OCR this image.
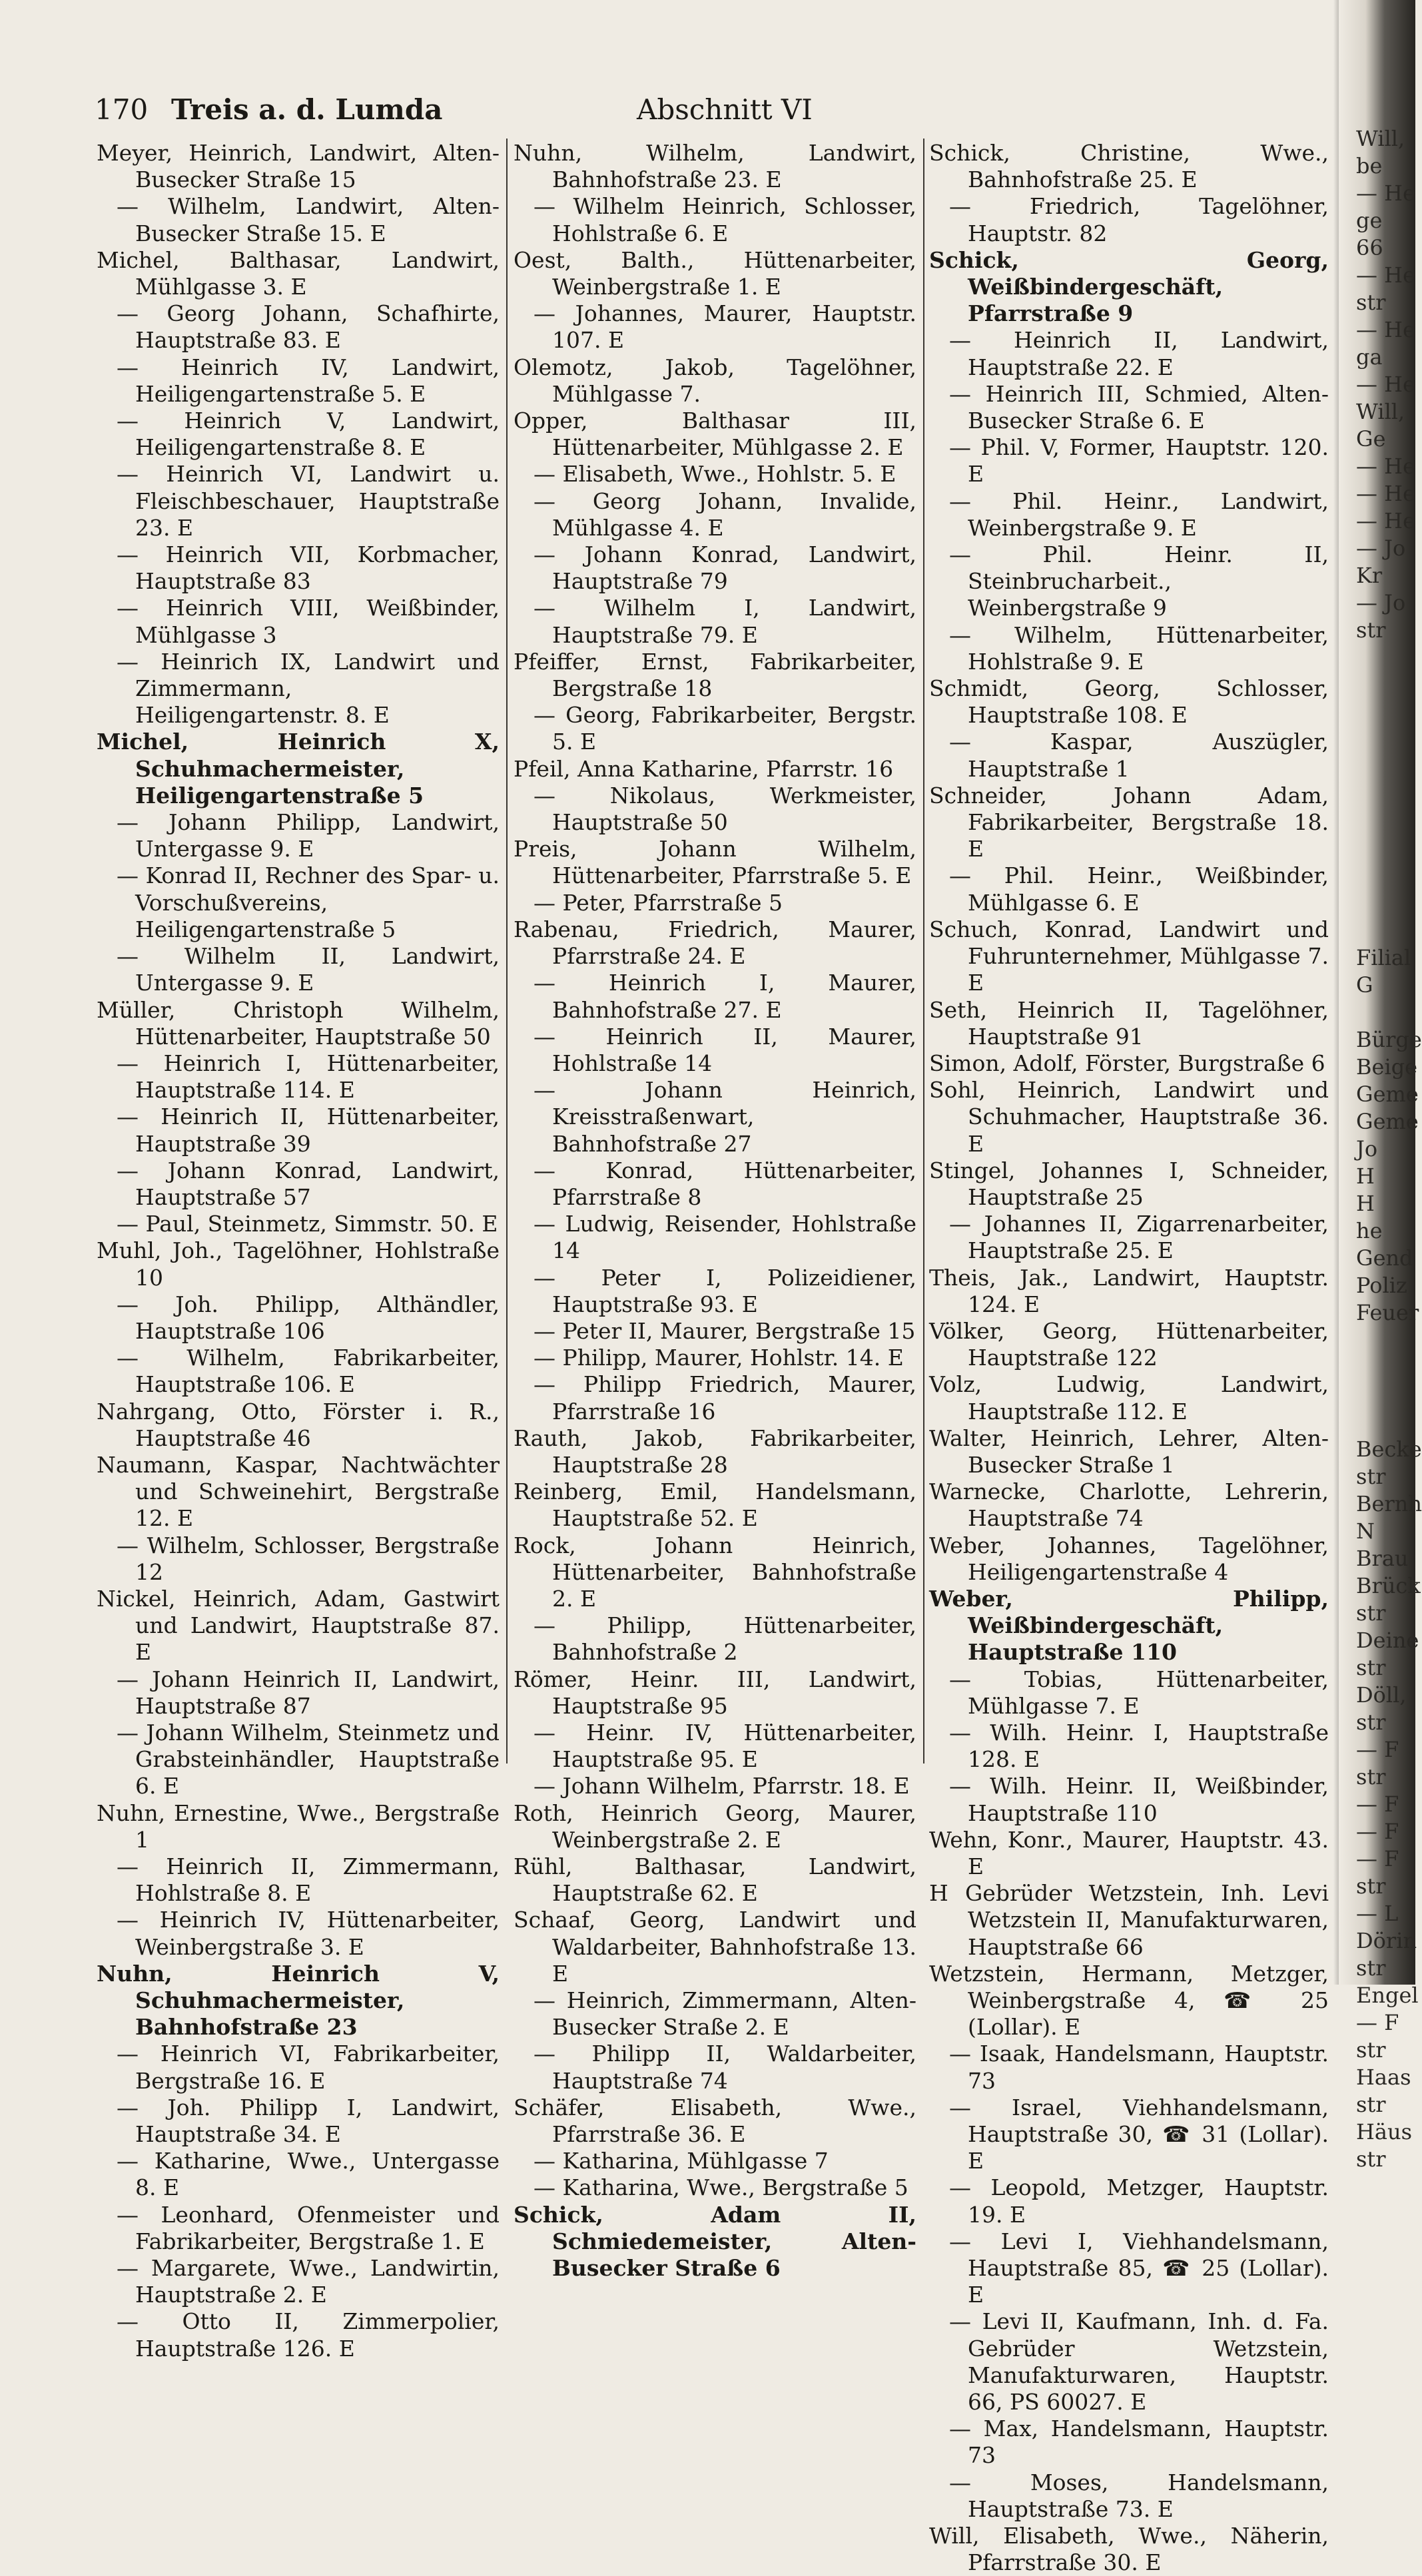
170 Treis a. d. Lumda	Abschnitt VI
Meyer, Heinrich, Landwirt, Alten-Busecker Straße 15
— Wilhelm, Landwirt, Alten-Busecker Straße 15. E
Michel, Balthasar, Landwirt, Mühlgasse 3. E
— Georg Johann, Schafhirte, Hauptstraße 83. E
— Heinrich IV, Landwirt, Heiligengartenstraße 5. E
— Heinrich V, Landwirt, Heiligengartenstraße 8. E
— Heinrich VI, Landwirt u. Fleischbeschauer, Hauptstraße 23. E
— Heinrich VII, Korbmacher, Hauptstraße 83
— Heinrich VIII, Weißbinder, Mühlgasse 3
— Heinrich IX, Landwirt und Zimmermann, Heiligengartenstr. 8. E
Michel, Heinrich X, Schuhmachermeister, Heiligengartenstraße 5
— Johann Philipp, Landwirt, Untergasse 9. E
— Konrad II, Rechner des Spar- u. Vorschußvereins, Heiligengartenstraße 5
— Wilhelm II, Landwirt, Untergasse 9. E
Müller, Christoph Wilhelm, Hüttenarbeiter, Hauptstraße 50
— Heinrich I, Hüttenarbeiter, Hauptstraße 114. E
— Heinrich II, Hüttenarbeiter, Hauptstraße 39
— Johann Konrad, Landwirt, Hauptstraße 57
— Paul, Steinmetz, Simmstr. 50. E
Muhl, Joh., Tagelöhner, Hohlstraße 10
— Joh. Philipp, Althändler, Hauptstraße 106
— Wilhelm, Fabrikarbeiter, Hauptstraße 106. E
Nahrgang, Otto, Förster i. R., Hauptstraße 46
Naumann, Kaspar, Nachtwächter und Schweinehirt, Bergstraße 12. E
— Wilhelm, Schlosser, Bergstraße 12
Nickel, Heinrich, Adam, Gastwirt und Landwirt, Hauptstraße 87. E
— Johann Heinrich II, Landwirt, Hauptstraße 87
— Johann Wilhelm, Steinmetz und Grabsteinhändler, Hauptstraße 6. E
Nuhn, Ernestine, Wwe., Bergstraße 1
— Heinrich II, Zimmermann, Hohlstraße 8. E
— Heinrich IV, Hüttenarbeiter, Weinbergstraße 3. E
Nuhn, Heinrich V, Schuhmachermeister, Bahnhofstraße 23
— Heinrich VI, Fabrikarbeiter, Bergstraße 16. E
— Joh. Philipp I, Landwirt, Hauptstraße 34. E
— Katharine, Wwe., Untergasse 8. E
— Leonhard, Ofenmeister und Fabrikarbeiter, Bergstraße 1. E
— Margarete, Wwe., Landwirtin, Hauptstraße 2. E
— Otto II, Zimmerpolier, Hauptstraße 126. E
Nuhn, Wilhelm, Landwirt, Bahnhofstraße 23. E
— Wilhelm Heinrich, Schlosser, Hohlstraße 6. E
Oest, Balth., Hüttenarbeiter, Weinbergstraße 1. E
— Johannes, Maurer, Hauptstr. 107. E
Olemotz, Jakob, Tagelöhner, Mühlgasse 7.
Opper, Balthasar III, Hüttenarbeiter, Mühlgasse 2. E
— Elisabeth, Wwe., Hohlstr. 5. E
— Georg Johann, Invalide, Mühlgasse 4. E
— Johann Konrad, Landwirt, Hauptstraße 79
— Wilhelm I, Landwirt, Hauptstraße 79. E
Pfeiffer, Ernst, Fabrikarbeiter, Bergstraße 18
— Georg, Fabrikarbeiter, Bergstr. 5. E
Pfeil, Anna Katharine, Pfarrstr. 16
— Nikolaus, Werkmeister, Hauptstraße 50
Preis, Johann Wilhelm, Hüttenarbeiter, Pfarrstraße 5. E
— Peter, Pfarrstraße 5
Rabenau, Friedrich, Maurer, Pfarrstraße 24. E
— Heinrich I, Maurer, Bahnhofstraße 27. E
— Heinrich II, Maurer, Hohlstraße 14
— Johann Heinrich, Kreisstraßenwart, Bahnhofstraße 27
— Konrad, Hüttenarbeiter, Pfarrstraße 8
— Ludwig, Reisender, Hohlstraße 14
— Peter I, Polizeidiener, Hauptstraße 93. E
— Peter II, Maurer, Bergstraße 15
— Philipp, Maurer, Hohlstr. 14. E
— Philipp Friedrich, Maurer, Pfarrstraße 16
Rauth, Jakob, Fabrikarbeiter, Hauptstraße 28
Reinberg, Emil, Handelsmann, Hauptstraße 52. E
Rock, Johann Heinrich, Hüttenarbeiter, Bahnhofstraße 2. E
— Philipp, Hüttenarbeiter, Bahnhofstraße 2
Römer, Heinr. III, Landwirt, Hauptstraße 95
— Heinr. IV, Hüttenarbeiter, Hauptstraße 95. E
— Johann Wilhelm, Pfarrstr. 18. E
Roth, Heinrich Georg, Maurer, Weinbergstraße 2. E
Rühl, Balthasar, Landwirt, Hauptstraße 62. E
Schaaf, Georg, Landwirt und Waldarbeiter, Bahnhofstraße 13. E
— Heinrich, Zimmermann, Alten-Busecker Straße 2. E
— Philipp II, Waldarbeiter, Hauptstraße 74
Schäfer, Elisabeth, Wwe., Pfarrstraße 36. E
— Katharina, Mühlgasse 7
— Katharina, Wwe., Bergstraße 5
Schick, Adam II, Schmiedemeister, Alten-Busecker Straße 6
Schick, Christine, Wwe., Bahnhofstraße 25. E
— Friedrich, Tagelöhner, Hauptstr. 82
Schick, Georg, Weißbindergeschäft, Pfarrstraße 9
— Heinrich II, Landwirt, Hauptstraße 22. E
— Heinrich III, Schmied, Alten-Busecker Straße 6. E
— Phil. V, Former, Hauptstr. 120. E
— Phil. Heinr., Landwirt, Weinbergstraße 9. E
— Phil. Heinr. II, Steinbrucharbeit., Weinbergstraße 9
— Wilhelm, Hüttenarbeiter, Hohlstraße 9. E
Schmidt, Georg, Schlosser, Hauptstraße 108. E
— Kaspar, Auszügler, Hauptstraße 1
Schneider, Johann Adam, Fabrikarbeiter, Bergstraße 18. E
— Phil. Heinr., Weißbinder, Mühlgasse 6. E
Schuch, Konrad, Landwirt und Fuhrunternehmer, Mühlgasse 7. E
Seth, Heinrich II, Tagelöhner, Hauptstraße 91
Simon, Adolf, Förster, Burgstraße 6
Sohl, Heinrich, Landwirt und Schuhmacher, Hauptstraße 36. E
Stingel, Johannes I, Schneider, Hauptstraße 25
— Johannes II, Zigarrenarbeiter, Hauptstraße 25. E
Theis, Jak., Landwirt, Hauptstr. 124. E
Völker, Georg, Hüttenarbeiter, Hauptstraße 122
Volz, Ludwig, Landwirt, Hauptstraße 112. E
Walter, Heinrich, Lehrer, Alten-Busecker Straße 1
Warnecke, Charlotte, Lehrerin, Hauptstraße 74
Weber, Johannes, Tagelöhner, Heiligengartenstraße 4
Weber, Philipp, Weißbindergeschäft, Hauptstraße 110
— Tobias, Hüttenarbeiter, Mühlgasse 7. E
— Wilh. Heinr. I, Hauptstraße 128. E
— Wilh. Heinr. II, Weißbinder, Hauptstraße 110
Wehn, Konr., Maurer, Hauptstr. 43. E
H Gebrüder Wetzstein, Inh. Levi Wetzstein II, Manufakturwaren, Hauptstraße 66
Wetzstein, Hermann, Metzger, Weinbergstraße 4, ☎ 25 (Lollar). E
— Isaak, Handelsmann, Hauptstr. 73
— Israel, Viehhandelsmann, Hauptstraße 30, ☎ 31 (Lollar). E
— Leopold, Metzger, Hauptstr. 19. E
— Levi I, Viehhandelsmann, Hauptstraße 85, ☎ 25 (Lollar). E
— Levi II, Kaufmann, Inh. d. Fa. Gebrüder Wetzstein, Manufakturwaren, Hauptstr. 66, PS 60027. E
— Max, Handelsmann, Hauptstr. 73
— Moses, Handelsmann, Hauptstraße 73. E
Will, Elisabeth, Wwe., Näherin, Pfarrstraße 30. E
Will,
be
— He
ge
66
— He
str
— He
ga
— He
Will,
Ge
— He
— He
— He
— Jo
Kr
— Jo
str
Filial
G
Bürge
Beige
Geme
Geme
Jo
H
H
he
Gend
Poliz
Feuer
Becke
str
Bernh
N
Brau
Brück
str
Deine
str
Döll,
str
— F
str
— F
— F
— F
str
— L
Dörin
str
Engel
— F
str
Haas
str
Häus
str
